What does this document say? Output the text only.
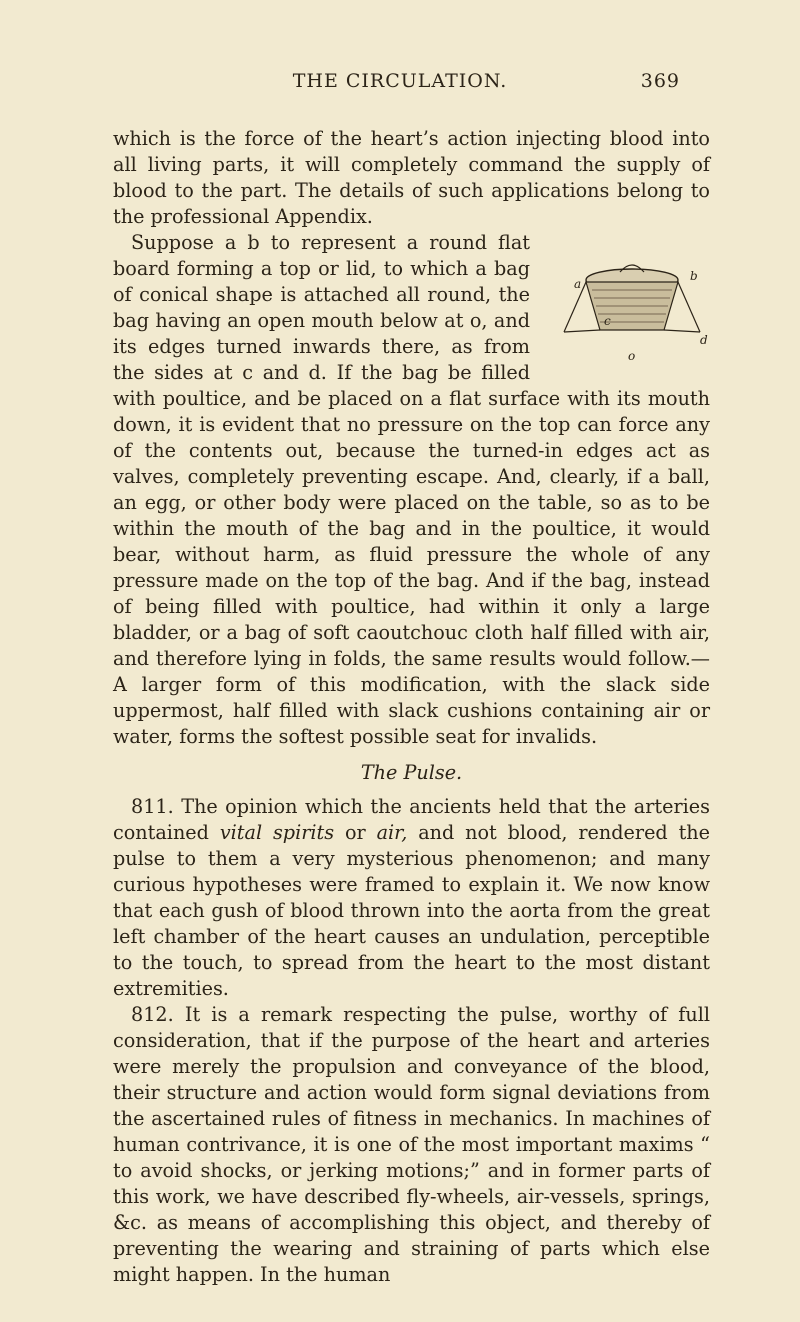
THE CIRCULATION.	369

which is the force of the heart’s action injecting blood into all living parts, it will completely command the supply of blood to the part. The details of such applications belong to the professional Appendix.

a
b
c
d
o

Suppose a b to represent a round flat board forming a top or lid, to which a bag of conical shape is attached all round, the bag having an open mouth below at o, and its edges turned inwards there, as from the sides at c and d. If the bag be filled with poultice, and be placed on a flat surface with its mouth down, it is evident that no pressure on the top can force any of the contents out, because the turned-in edges act as valves, completely preventing escape. And, clearly, if a ball, an egg, or other body were placed on the table, so as to be within the mouth of the bag and in the poultice, it would bear, without harm, as fluid pressure the whole of any pressure made on the top of the bag. And if the bag, instead of being filled with poultice, had within it only a large bladder, or a bag of soft caoutchouc cloth half filled with air, and therefore lying in folds, the same results would follow.—A larger form of this modification, with the slack side uppermost, half filled with slack cushions containing air or water, forms the softest possible seat for invalids.

The Pulse.

811. The opinion which the ancients held that the arteries contained vital spirits or air, and not blood, rendered the pulse to them a very mysterious phenomenon; and many curious hypotheses were framed to explain it. We now know that each gush of blood thrown into the aorta from the great left chamber of the heart causes an undulation, perceptible to the touch, to spread from the heart to the most distant extremities.

812. It is a remark respecting the pulse, worthy of full consideration, that if the purpose of the heart and arteries were merely the propulsion and conveyance of the blood, their structure and action would form signal deviations from the ascertained rules of fitness in mechanics. In machines of human contrivance, it is one of the most important maxims “ to avoid shocks, or jerking motions;” and in former parts of this work, we have described fly-wheels, air-vessels, springs, &c. as means of accomplishing this object, and thereby of preventing the wearing and straining of parts which else might happen. In the human
